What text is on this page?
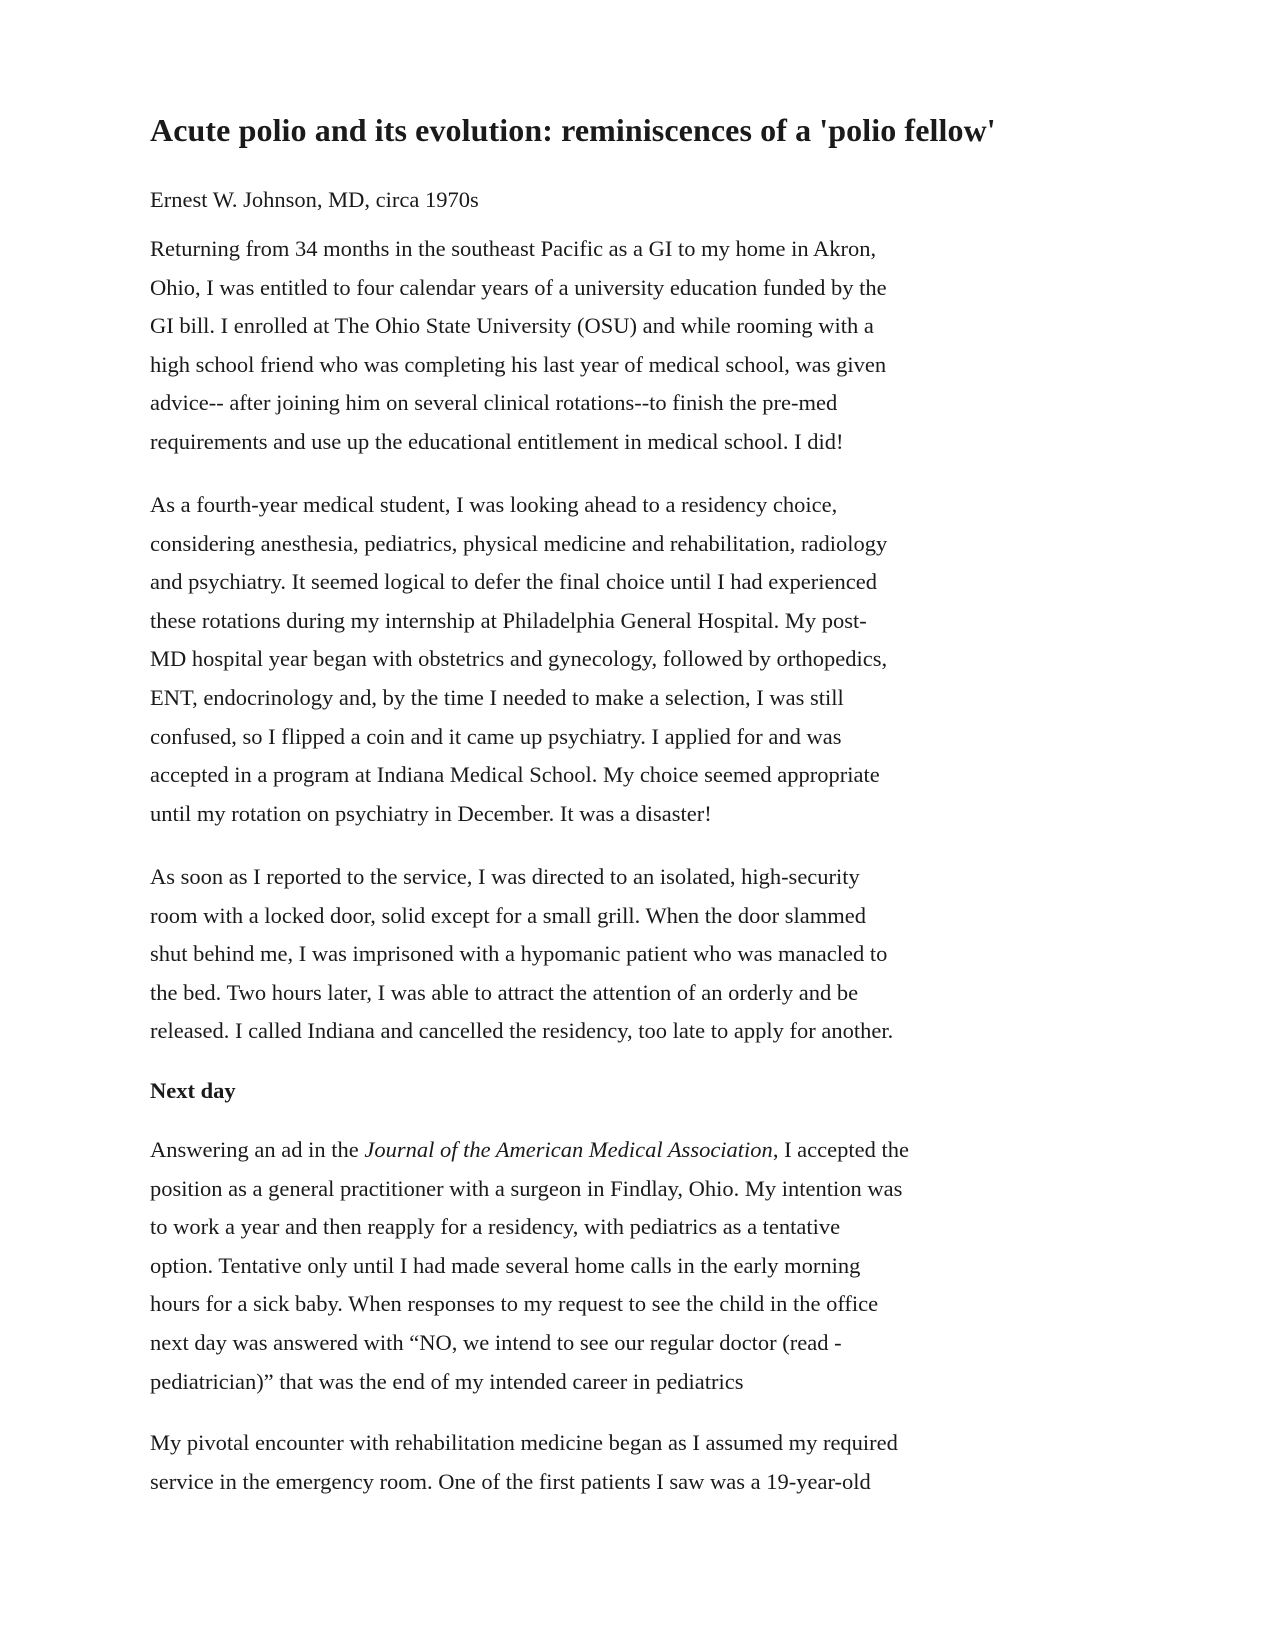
Acute polio and its evolution: reminiscences of a 'polio fellow'

Ernest W. Johnson, MD, circa 1970s

Returning from 34 months in the southeast Pacific as a GI to my home in Akron,
Ohio, I was entitled to four calendar years of a university education funded by the
GI bill. I enrolled at The Ohio State University (OSU) and while rooming with a
high school friend who was completing his last year of medical school, was given
advice-- after joining him on several clinical rotations--to finish the pre-med
requirements and use up the educational entitlement in medical school. I did!

As a fourth-year medical student, I was looking ahead to a residency choice,
considering anesthesia, pediatrics, physical medicine and rehabilitation, radiology
and psychiatry. It seemed logical to defer the final choice until I had experienced
these rotations during my internship at Philadelphia General Hospital. My post-
MD hospital year began with obstetrics and gynecology, followed by orthopedics,
ENT, endocrinology and, by the time I needed to make a selection, I was still
confused, so I flipped a coin and it came up psychiatry. I applied for and was
accepted in a program at Indiana Medical School. My choice seemed appropriate
until my rotation on psychiatry in December. It was a disaster!

As soon as I reported to the service, I was directed to an isolated, high-security
room with a locked door, solid except for a small grill. When the door slammed
shut behind me, I was imprisoned with a hypomanic patient who was manacled to
the bed. Two hours later, I was able to attract the attention of an orderly and be
released. I called Indiana and cancelled the residency, too late to apply for another.

Next day

Answering an ad in the Journal of the American Medical Association, I accepted the
position as a general practitioner with a surgeon in Findlay, Ohio. My intention was
to work a year and then reapply for a residency, with pediatrics as a tentative
option. Tentative only until I had made several home calls in the early morning
hours for a sick baby. When responses to my request to see the child in the office
next day was answered with “NO, we intend to see our regular doctor (read -
pediatrician)” that was the end of my intended career in pediatrics

My pivotal encounter with rehabilitation medicine began as I assumed my required
service in the emergency room. One of the first patients I saw was a 19-year-old
